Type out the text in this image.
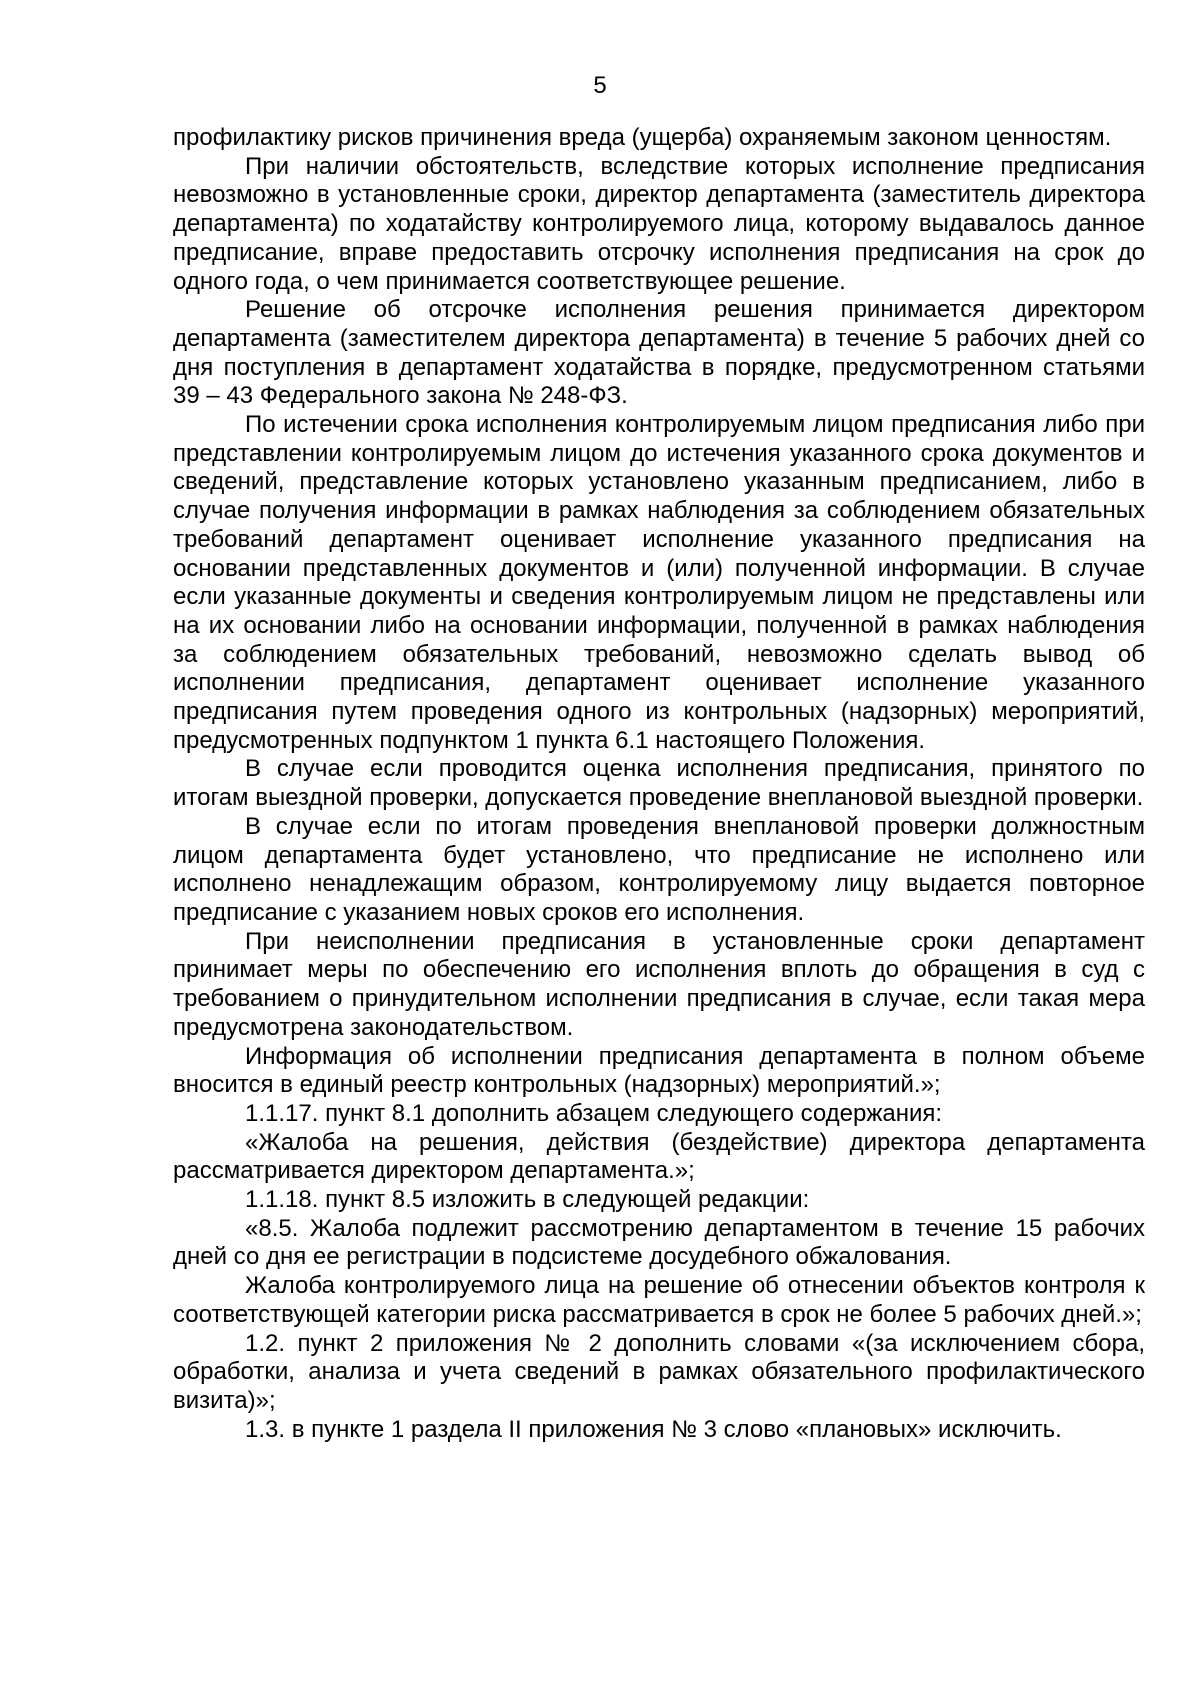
5

профилактику рисков причинения вреда (ущерба) охраняемым законом ценностям.

При наличии обстоятельств, вследствие которых исполнение предписания невозможно в установленные сроки, директор департамента (заместитель директора департамента) по ходатайству контролируемого лица, которому выдавалось данное предписание, вправе предоставить отсрочку исполнения предписания на срок до одного года, о чем принимается соответствующее решение.

Решение об отсрочке исполнения решения принимается директором департамента (заместителем директора департамента) в течение 5 рабочих дней со дня поступления в департамент ходатайства в порядке, предусмотренном статьями 39 – 43 Федерального закона № 248-ФЗ.

По истечении срока исполнения контролируемым лицом предписания либо при представлении контролируемым лицом до истечения указанного срока документов и сведений, представление которых установлено указанным предписанием, либо в случае получения информации в рамках наблюдения за соблюдением обязательных требований департамент оценивает исполнение указанного предписания на основании представленных документов и (или) полученной информации. В случае если указанные документы и сведения контролируемым лицом не представлены или на их основании либо на основании информации, полученной в рамках наблюдения за соблюдением обязательных требований, невозможно сделать вывод об исполнении предписания, департамент оценивает исполнение указанного предписания путем проведения одного из контрольных (надзорных) мероприятий, предусмотренных подпунктом 1 пункта 6.1 настоящего Положения.

В случае если проводится оценка исполнения предписания, принятого по итогам выездной проверки, допускается проведение внеплановой выездной проверки.

В случае если по итогам проведения внеплановой проверки должностным лицом департамента будет установлено, что предписание не исполнено или исполнено ненадлежащим образом, контролируемому лицу выдается повторное предписание с указанием новых сроков его исполнения.

При неисполнении предписания в установленные сроки департамент принимает меры по обеспечению его исполнения вплоть до обращения в суд с требованием о принудительном исполнении предписания в случае, если такая мера предусмотрена законодательством.

Информация об исполнении предписания департамента в полном объеме вносится в единый реестр контрольных (надзорных) мероприятий.»;

1.1.17. пункт 8.1 дополнить абзацем следующего содержания:

«Жалоба на решения, действия (бездействие) директора департамента рассматривается директором департамента.»;

1.1.18. пункт 8.5 изложить в следующей редакции:

«8.5. Жалоба подлежит рассмотрению департаментом в течение 15 рабочих дней со дня ее регистрации в подсистеме досудебного обжалования.

Жалоба контролируемого лица на решение об отнесении объектов контроля к соответствующей категории риска рассматривается в срок не более 5 рабочих дней.»;

1.2. пункт 2 приложения № 2 дополнить словами «(за исключением сбора, обработки, анализа и учета сведений в рамках обязательного профилактического визита)»;

1.3. в пункте 1 раздела II приложения № 3 слово «плановых» исключить.
